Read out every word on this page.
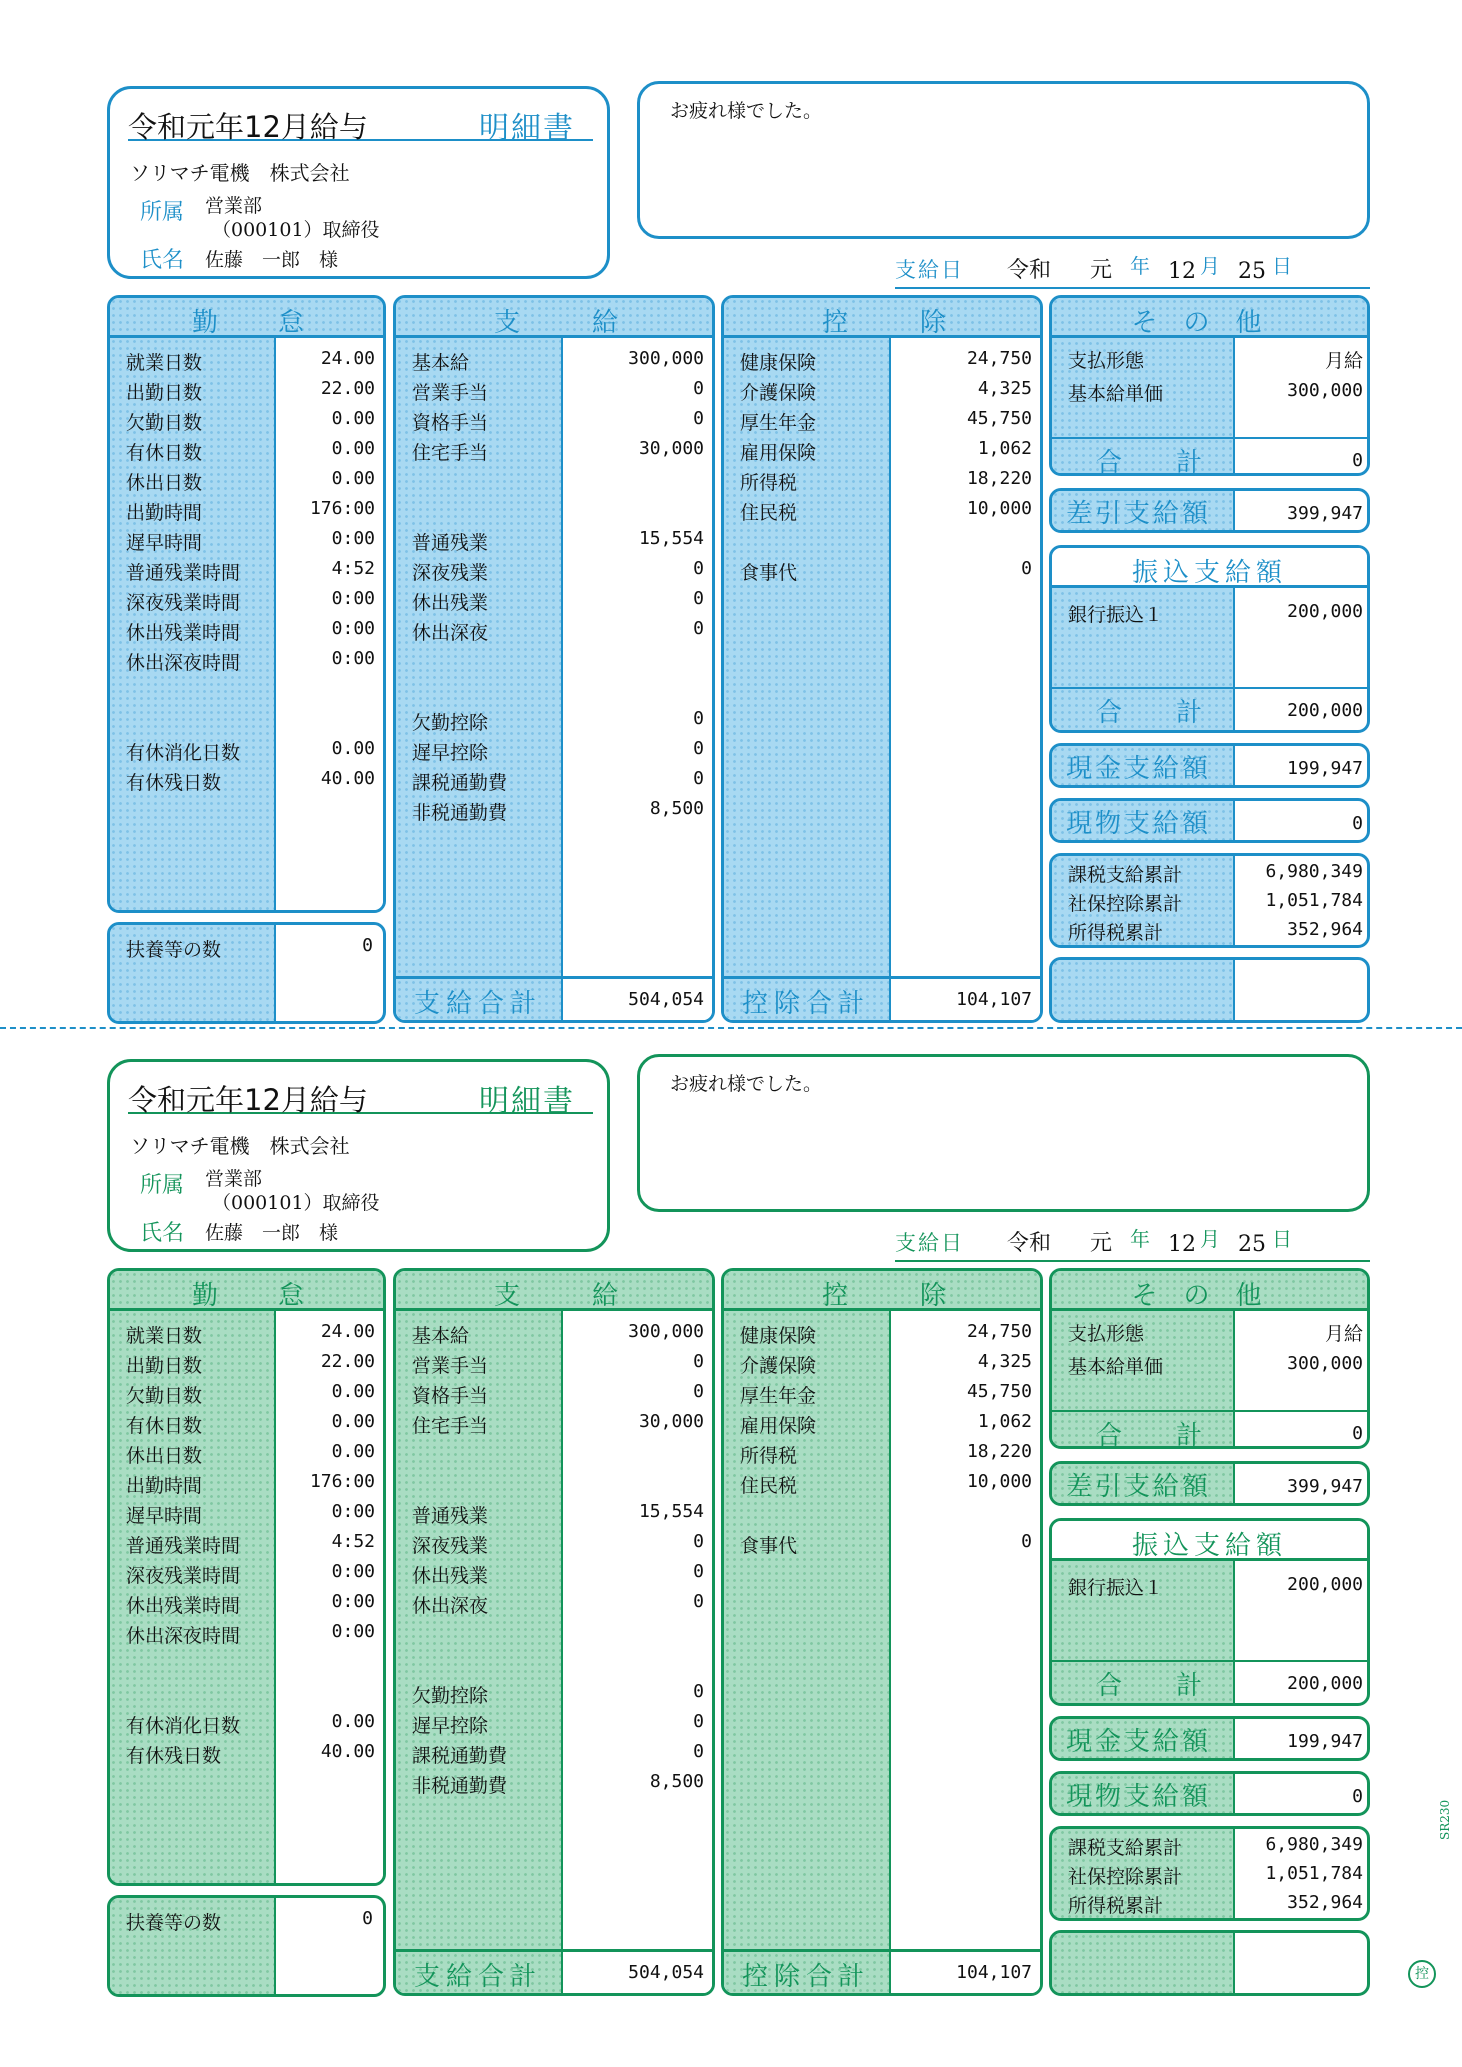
令和元年12月給与	明細書
ソリマチ電機　株式会社
所属 営業部
（000101）取締役
氏名 佐藤　一郎　様
お疲れ様でした。
支給日 令和 元 年 12 月 25 日
勤 怠
就業日数	24.00
出勤日数	22.00
欠勤日数	0.00
有休日数	0.00
休出日数	0.00
出勤時間	176:00
遅早時間	0:00
普通残業時間	4:52
深夜残業時間	0:00
休出残業時間	0:00
休出深夜時間	0:00
有休消化日数	0.00
有休残日数	40.00
扶養等の数	0
支	給
基本給	300,000
営業手当	0
資格手当	0
住宅手当	30,000
普通残業	15,554
深夜残業	0
休出残業	0
休出深夜	0
欠勤控除	0
遅早控除	0
課税通勤費	0
非税通勤費	8,500
支給合計	504,054
控	除
健康保険	24,750
介護保険	4,325
厚生年金	45,750
雇用保険	1,062
所得税	18,220
住民税	10,000
食事代	0
控除合計	104,107
その他
支払形態	月給
基本給単価	300,000
合　計	0
差引支給額	399,947
振込支給額
銀行振込１	200,000
合　計	200,000
現金支給額	199,947
現物支給額	0
課税支給累計	6,980,349
社保控除累計	1,051,784
所得税累計	352,964
令和元年12月給与	明細書
ソリマチ電機　株式会社
所属 営業部
（000101）取締役
氏名 佐藤　一郎　様
お疲れ様でした。
支給日 令和 元 年 12 月 25 日
勤 怠
就業日数	24.00
出勤日数	22.00
欠勤日数	0.00
有休日数	0.00
休出日数	0.00
出勤時間	176:00
遅早時間	0:00
普通残業時間	4:52
深夜残業時間	0:00
休出残業時間	0:00
休出深夜時間	0:00
有休消化日数	0.00
有休残日数	40.00
扶養等の数	0
支	給
基本給	300,000
営業手当	0
資格手当	0
住宅手当	30,000
普通残業	15,554
深夜残業	0
休出残業	0
休出深夜	0
欠勤控除	0
遅早控除	0
課税通勤費	0
非税通勤費	8,500
支給合計	504,054
控	除
健康保険	24,750
介護保険	4,325
厚生年金	45,750
雇用保険	1,062
所得税	18,220
住民税	10,000
食事代	0
控除合計	104,107
その他
支払形態	月給
基本給単価	300,000
合　計	0
差引支給額	399,947
振込支給額
銀行振込１	200,000
合　計	200,000
現金支給額	199,947
現物支給額	0
課税支給累計	6,980,349
社保控除累計	1,051,784
所得税累計	352,964
SR230
控
